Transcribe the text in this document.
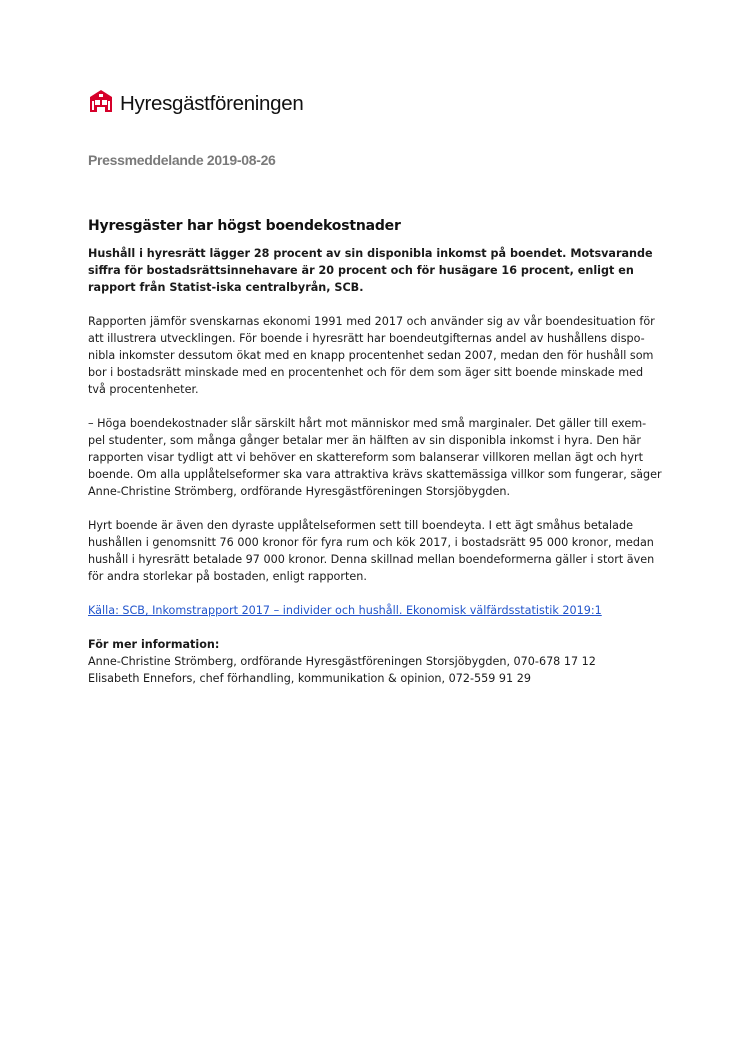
Hyresgästföreningen
Pressmeddelande 2019-08-26
Hyresgäster har högst boendekostnader

Hushåll i hyresrätt lägger 28 procent av sin disponibla inkomst på boendet. Motsvarande siffra för bostadsrättsinnehavare är 20 procent och för husägare 16 procent, enligt en rapport från Statist-iska centralbyrån, SCB.

Rapporten jämför svenskarnas ekonomi 1991 med 2017 och använder sig av vår boendesituation för att illustrera utvecklingen. För boende i hyresrätt har boendeutgifternas andel av hushållens dispo-nibla inkomster dessutom ökat med en knapp procentenhet sedan 2007, medan den för hushåll som bor i bostadsrätt minskade med en procentenhet och för dem som äger sitt boende minskade med två procentenheter.

– Höga boendekostnader slår särskilt hårt mot människor med små marginaler. Det gäller till exem-pel studenter, som många gånger betalar mer än hälften av sin disponibla inkomst i hyra. Den här rapporten visar tydligt att vi behöver en skattereform som balanserar villkoren mellan ägt och hyrt boende. Om alla upplåtelseformer ska vara attraktiva krävs skattemässiga villkor som fungerar, säger Anne-Christine Strömberg, ordförande Hyresgästföreningen Storsjöbygden.

Hyrt boende är även den dyraste upplåtelseformen sett till boendeyta. I ett ägt småhus betalade hushållen i genomsnitt 76 000 kronor för fyra rum och kök 2017, i bostadsrätt 95 000 kronor, medan hushåll i hyresrätt betalade 97 000 kronor. Denna skillnad mellan boendeformerna gäller i stort även för andra storlekar på bostaden, enligt rapporten.

Källa: SCB, Inkomstrapport 2017 – individer och hushåll. Ekonomisk välfärdsstatistik 2019:1

För mer information:
Anne-Christine Strömberg, ordförande Hyresgästföreningen Storsjöbygden, 070-678 17 12
Elisabeth Ennefors, chef förhandling, kommunikation & opinion, 072-559 91 29
